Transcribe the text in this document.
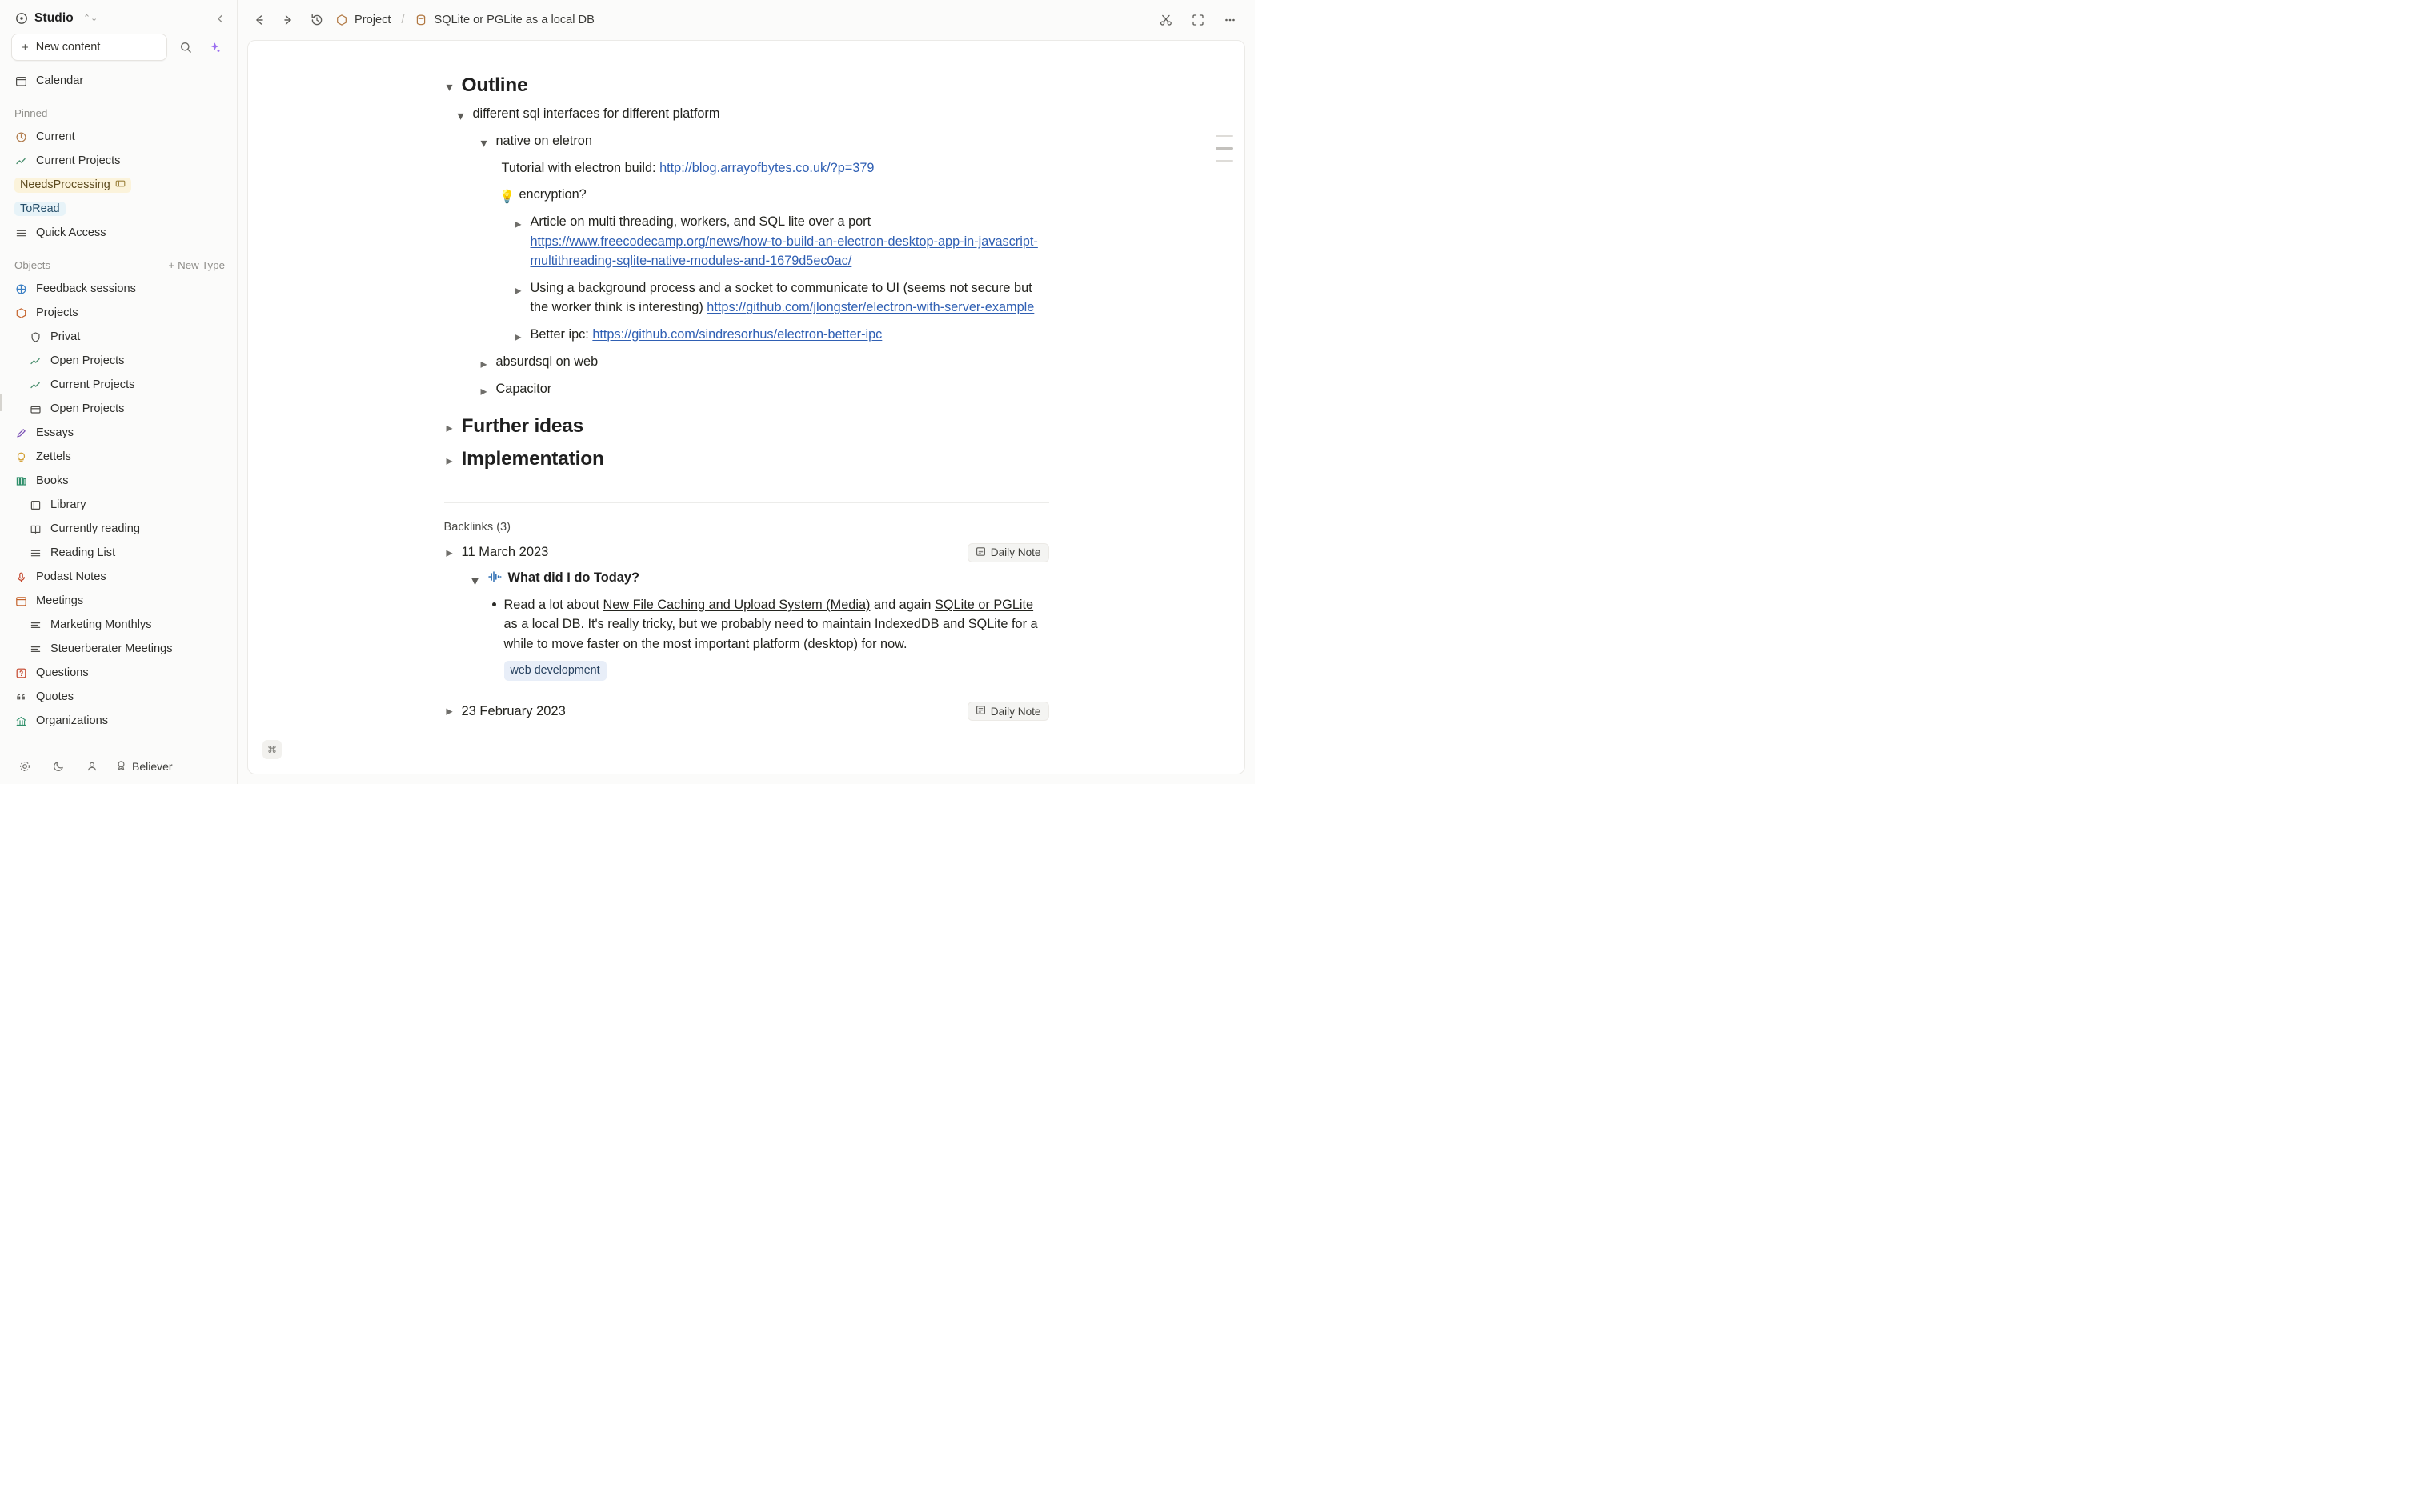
Studio ⌃⌄
+ New content
Calendar
Pinned
Current
Current Projects
NeedsProcessing
ToRead
Quick Access
Objects	+ New Type
Feedback sessions
Projects
Privat
Open Projects
Current Projects
Open Projects
Essays
Zettels
Books
Library
Currently reading
Reading List
Podast Notes
Meetings
Marketing Monthlys
Steuerberater Meetings
Questions
Quotes
Organizations
Believer
Project /	SQLite or PGLite as a local DB
▾ Outline
▾ different sql interfaces for different platform
▾ native on eletron
Tutorial with electron build: http://blog.arrayofbytes.co.uk/?p=379
💡 encryption?
▸ Article on multi threading, workers, and SQL lite over a port https://www.freecodecamp.org/news/how-to-build-an-electron-desktop-app-in-javascript-multithreading-sqlite-native-modules-and-1679d5ec0ac/
▸ Using a background process and a socket to communicate to UI (seems not secure but the worker think is interesting) https://github.com/jlongster/electron-with-server-example
▸ Better ipc: https://github.com/sindresorhus/electron-better-ipc
▸ absurdsql on web
▸ Capacitor
▸ Further ideas
▸ Implementation
Backlinks (3)
▸ 11 March 2023	Daily Note
▾ What did I do Today?
Read a lot about New File Caching and Upload System (Media) and again SQLite or PGLite as a local DB. It's really tricky, but we probably need to maintain IndexedDB and SQLite for a while to move faster on the most important platform (desktop) for now.
web development
▸ 23 February 2023	Daily Note
⌘
